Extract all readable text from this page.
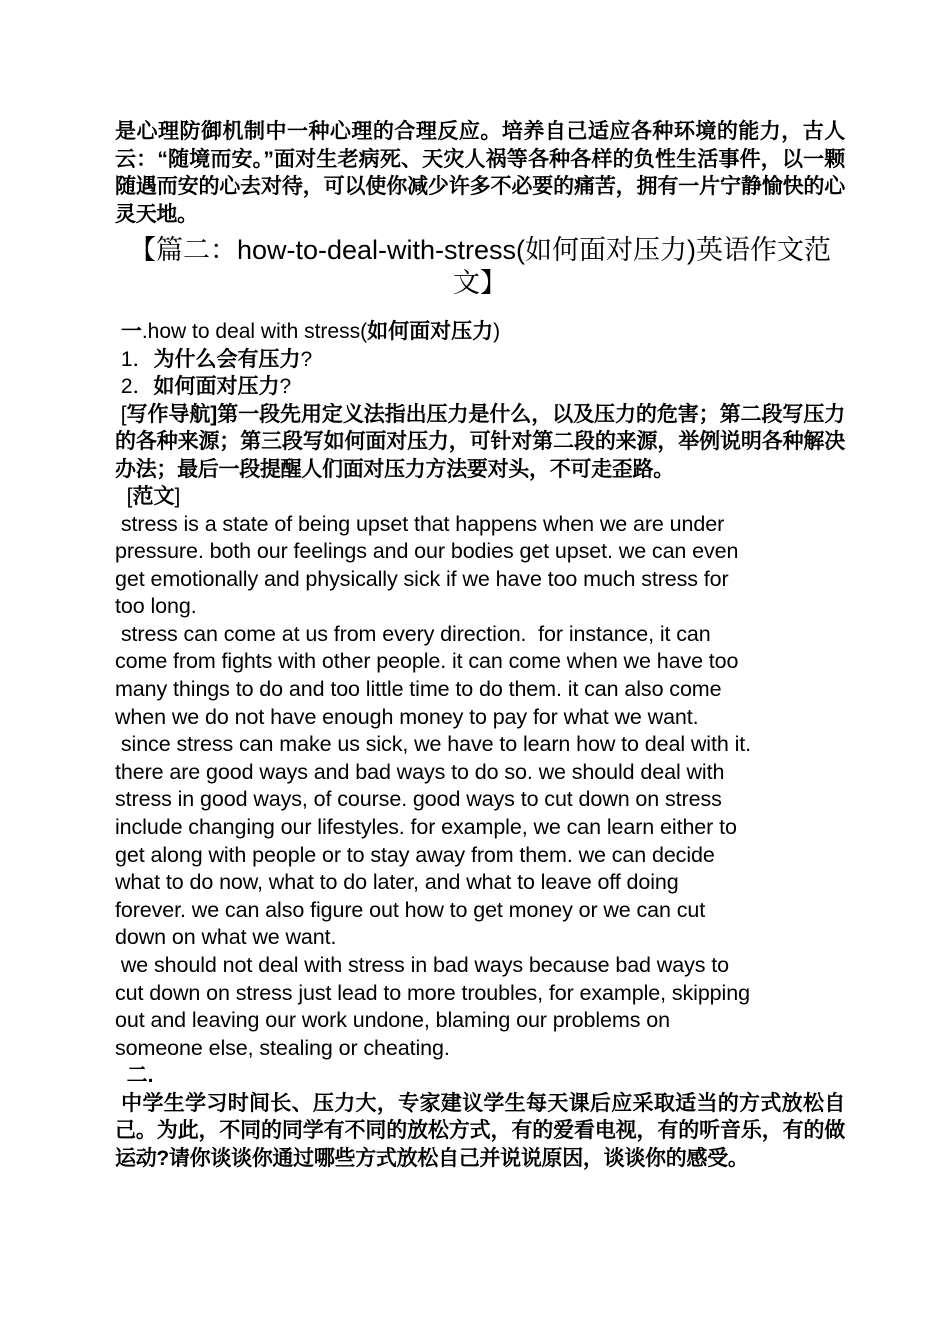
是心理防御机制中一种心理的合理反应。培养自己适应各种环境的能力，古人云：“随境而安。”面对生老病死、天灾人祸等各种各样的负性生活事件，以一颗随遇而安的心去对待，可以使你减少许多不必要的痛苦，拥有一片宁静愉快的心灵天地。

【篇二：how-to-deal-with-stress(如何面对压力)英语作文范文】

一.how to deal with stress(如何面对压力)

1．为什么会有压力?

2．如何面对压力?

[写作导航]第一段先用定义法指出压力是什么，以及压力的危害；第二段写压力的各种来源；第三段写如何面对压力，可针对第二段的来源，举例说明各种解决办法；最后一段提醒人们面对压力方法要对头，不可走歪路。

[范文]

stress is a state of being upset that happens when we are under

pressure. both our feelings and our bodies get upset. we can even

get emotionally and physically sick if we have too much stress for

too long.

stress can come at us from every direction.  for instance, it can

come from fights with other people. it can come when we have too

many things to do and too little time to do them. it can also come

when we do not have enough money to pay for what we want.

since stress can make us sick, we have to learn how to deal with it.

there are good ways and bad ways to do so. we should deal with

stress in good ways, of course. good ways to cut down on stress

include changing our lifestyles. for example, we can learn either to

get along with people or to stay away from them. we can decide

what to do now, what to do later, and what to leave off doing

forever. we can also figure out how to get money or we can cut

down on what we want.

we should not deal with stress in bad ways because bad ways to

cut down on stress just lead to more troubles, for example, skipping

out and leaving our work undone, blaming our problems on

someone else, stealing or cheating.

二.

中学生学习时间长、压力大，专家建议学生每天课后应采取适当的方式放松自己。为此，不同的同学有不同的放松方式，有的爱看电视，有的听音乐，有的做运动?请你谈谈你通过哪些方式放松自己并说说原因，谈谈你的感受。
